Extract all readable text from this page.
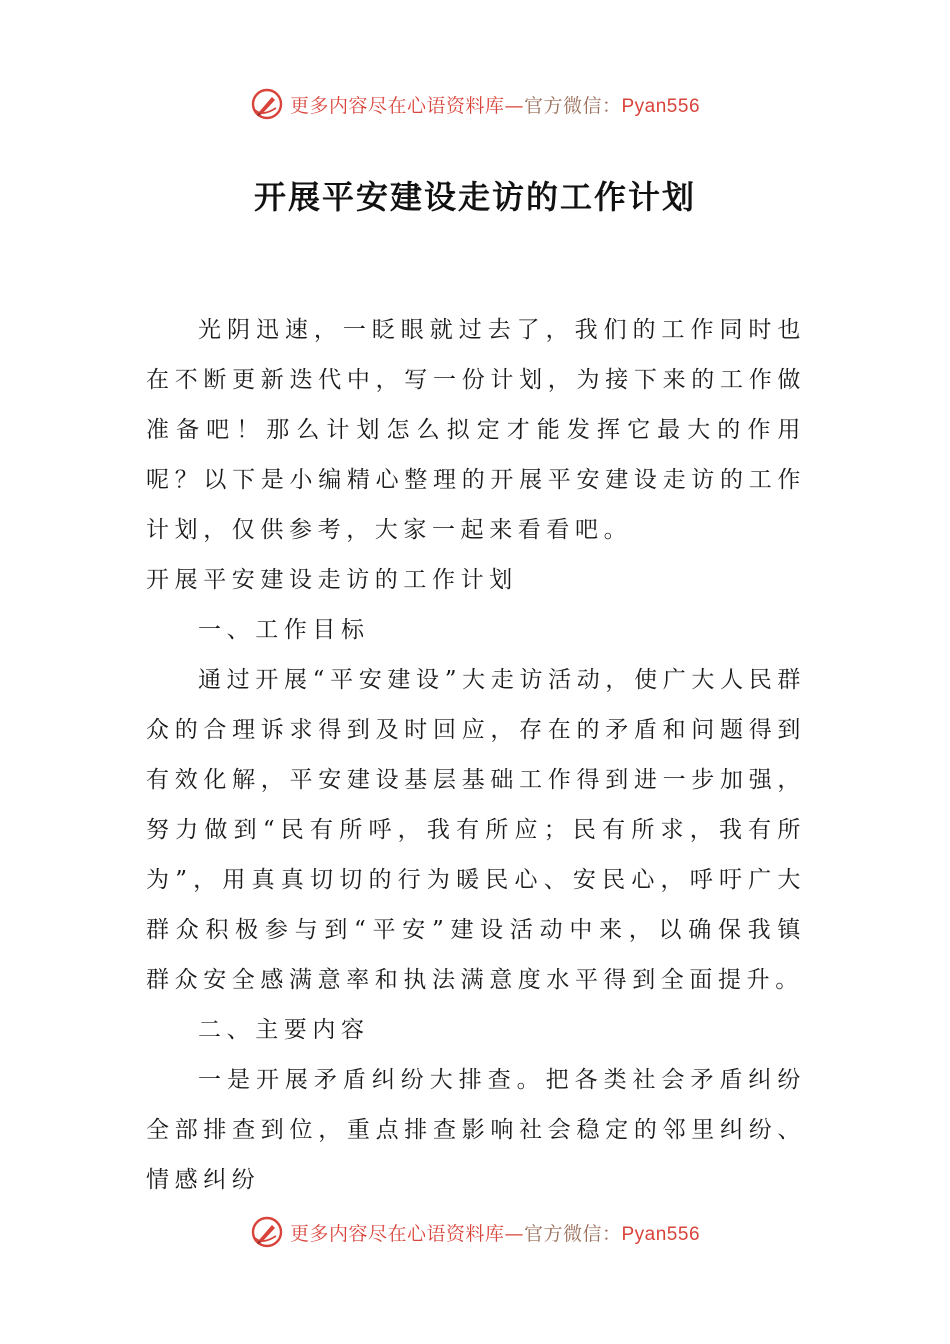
更多内容尽在心语资料库—官方微信：Pyan556
开展平安建设走访的工作计划

光阴迅速，一眨眼就过去了，我们的工作同时也在不断更新迭代中，写一份计划，为接下来的工作做准备吧！那么计划怎么拟定才能发挥它最大的作用呢？以下是小编精心整理的开展平安建设走访的工作计划，仅供参考，大家一起来看看吧。

开展平安建设走访的工作计划

一、工作目标

通过开展“平安建设”大走访活动，使广大人民群众的合理诉求得到及时回应，存在的矛盾和问题得到有效化解，平安建设基层基础工作得到进一步加强，努力做到“民有所呼，我有所应；民有所求，我有所为”，用真真切切的行为暖民心、安民心，呼吁广大群众积极参与到“平安”建设活动中来，以确保我镇群众安全感满意率和执法满意度水平得到全面提升。

二、主要内容

一是开展矛盾纠纷大排查。把各类社会矛盾纠纷全部排查到位，重点排查影响社会稳定的邻里纠纷、情感纠纷

更多内容尽在心语资料库—官方微信：Pyan556
